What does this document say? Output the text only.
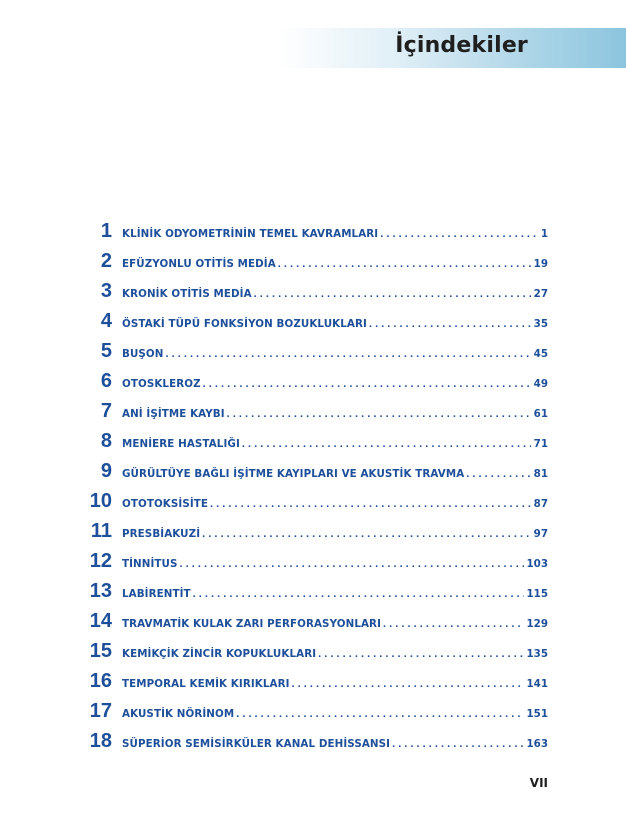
İçindekiler
1 KLİNİK ODYOMETRİNİN TEMEL KAVRAMLARI . . .	1
2 EFÜZYONLU OTİTİS MEDİA . . .	19
3 KRONİK OTİTİS MEDİA . . .	27
4 ÖSTAKİ TÜPÜ FONKSİYON BOZUKLUKLARI . . .	35
5 BUŞON . . .	45
6 OTOSKLEROZ . . .	49
7 ANİ İŞİTME KAYBI . . .	61
8 MENİERE HASTALIĞI . . .	71
9 GÜRÜLTÜYE BAĞLI İŞİTME KAYIPLARI VE AKUSTİK TRAVMA . . .	81
10 OTOTOKSİSİTE . . .	87
11 PRESBİAKUZİ . . .	97
12 TİNNİTUS . . .	103
13 LABİRENTİT . . .	115
14 TRAVMATİK KULAK ZARI PERFORASYONLARI . . .	129
15 KEMİKÇİK ZİNCİR KOPUKLUKLARI . . .	135
16 TEMPORAL KEMİK KIRIKLARI . . .	141
17 AKUSTİK NÖRİNOM . . .	151
18 SÜPERİOR SEMİSİRKÜLER KANAL DEHİSSANSI . . .	163
VII
